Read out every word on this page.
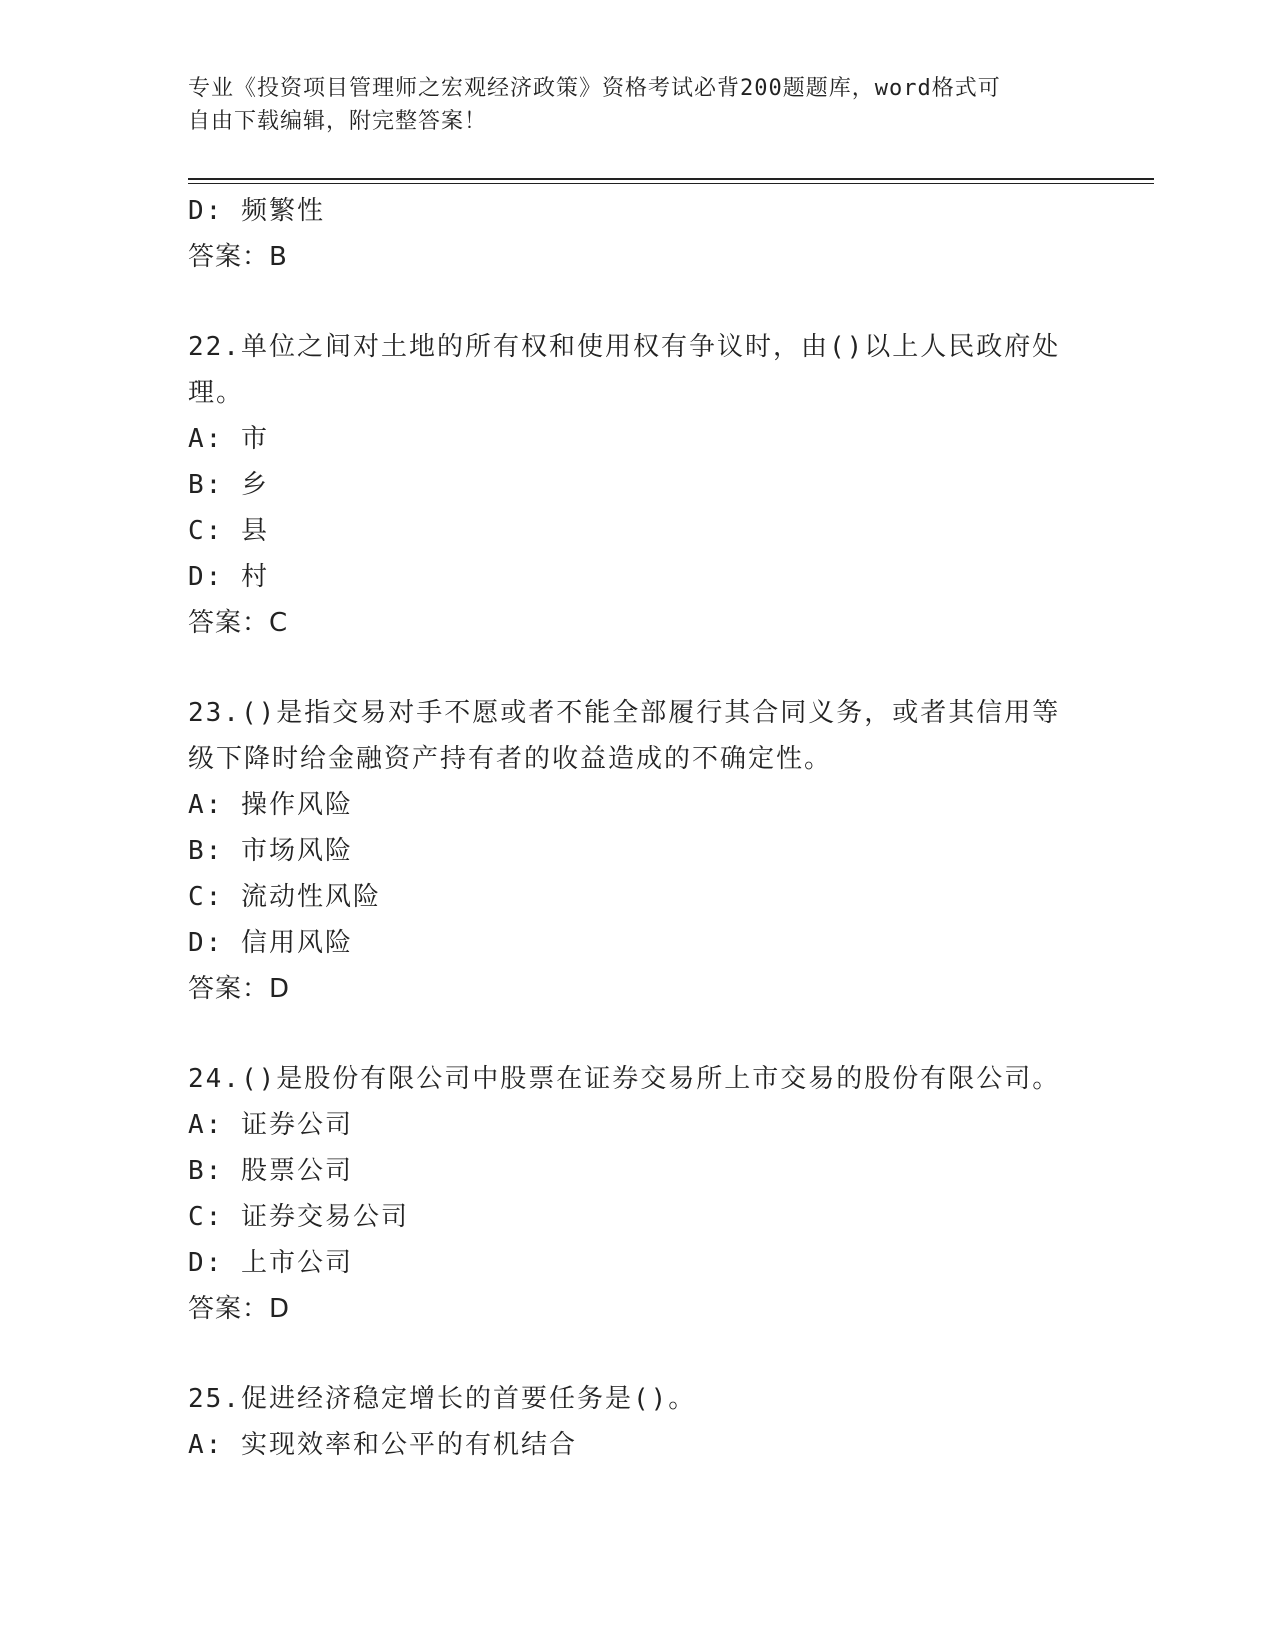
专业《投资项目管理师之宏观经济政策》资格考试必背200题题库，word格式可
自由下载编辑，附完整答案！
D: 频繁性
答案：B
22.单位之间对土地的所有权和使用权有争议时，由()以上人民政府处理。
A: 市
B: 乡
C: 县
D: 村
答案：C
23.()是指交易对手不愿或者不能全部履行其合同义务，或者其信用等级下降时给金融资产持有者的收益造成的不确定性。
A: 操作风险
B: 市场风险
C: 流动性风险
D: 信用风险
答案：D
24.()是股份有限公司中股票在证券交易所上市交易的股份有限公司。
A: 证券公司
B: 股票公司
C: 证券交易公司
D: 上市公司
答案：D
25.促进经济稳定增长的首要任务是()。
A: 实现效率和公平的有机结合
